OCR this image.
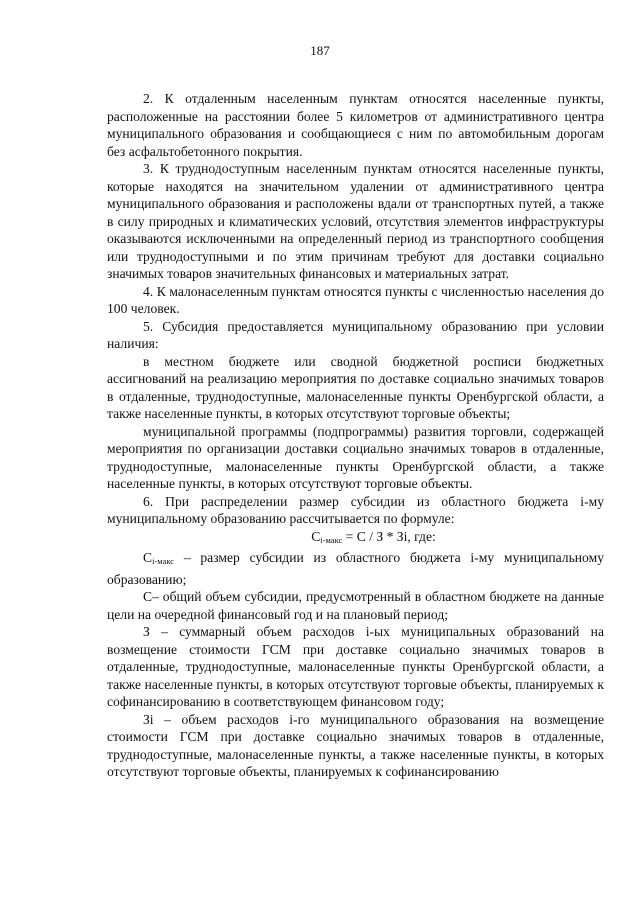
187

2. К отдаленным населенным пунктам относятся населенные пункты, расположенные на расстоянии более 5 километров от административного центра муниципального образования и сообщающиеся с ним по автомобильным дорогам без асфальтобетонного покрытия.

3. К труднодоступным населенным пунктам относятся населенные пункты, которые находятся на значительном удалении от административного центра муниципального образования и расположены вдали от транспортных путей, а также в силу природных и климатических условий, отсутствия элементов инфраструктуры оказываются исключенными на определенный период из транспортного сообщения или труднодоступными и по этим причинам требуют для доставки социально значимых товаров значительных финансовых и материальных затрат.

4. К малонаселенным пунктам относятся пункты с численностью населения до 100 человек.

5. Субсидия предоставляется муниципальному образованию при условии наличия:

в местном бюджете или сводной бюджетной росписи бюджетных ассигнований на реализацию мероприятия по доставке социально значимых товаров в отдаленные, труднодоступные, малонаселенные пункты Оренбургской области, а также населенные пункты, в которых отсутствуют торговые объекты;

муниципальной программы (подпрограммы) развития торговли, содержащей мероприятия по организации доставки социально значимых товаров в отдаленные, труднодоступные, малонаселенные пункты Оренбургской области, а также населенные пункты, в которых отсутствуют торговые объекты.

6. При распределении размер субсидии из областного бюджета i-му муниципальному образованию рассчитывается по формуле:

$С_{i-макс} = С / З$ * Зi, где:

$С_{i-макс}$ – размер субсидии из областного бюджета i-му муниципальному образованию;

С– общий объем субсидии, предусмотренный в областном бюджете на данные цели на очередной финансовый год и на плановый период;

З – суммарный объем расходов i-ых муниципальных образований на возмещение стоимости ГСМ при доставке социально значимых товаров в отдаленные, труднодоступные, малонаселенные пункты Оренбургской области, а также населенные пункты, в которых отсутствуют торговые объекты, планируемых к софинансированию в соответствующем финансовом году;

Зi – объем расходов i-го муниципального образования на возмещение стоимости ГСМ при доставке социально значимых товаров в отдаленные, труднодоступные, малонаселенные пункты, а также населенные пункты, в которых отсутствуют торговые объекты, планируемых к софинансированию
